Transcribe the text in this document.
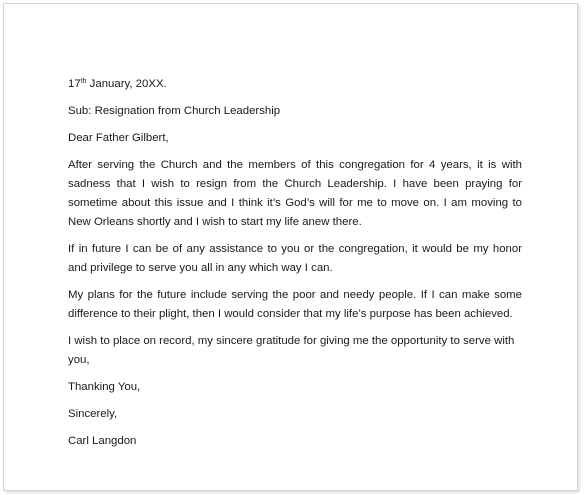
17th January, 20XX.

Sub: Resignation from Church Leadership

Dear Father Gilbert,

After serving the Church and the members of this congregation for 4 years, it is with sadness that I wish to resign from the Church Leadership. I have been praying for sometime about this issue and I think it’s God’s will for me to move on. I am moving to New Orleans shortly and I wish to start my life anew there.

If in future I can be of any assistance to you or the congregation, it would be my honor and privilege to serve you all in any which way I can.

My plans for the future include serving the poor and needy people. If I can make some difference to their plight, then I would consider that my life’s purpose has been achieved.

I wish to place on record, my sincere gratitude for giving me the opportunity to serve with you,

Thanking You,

Sincerely,

Carl Langdon
